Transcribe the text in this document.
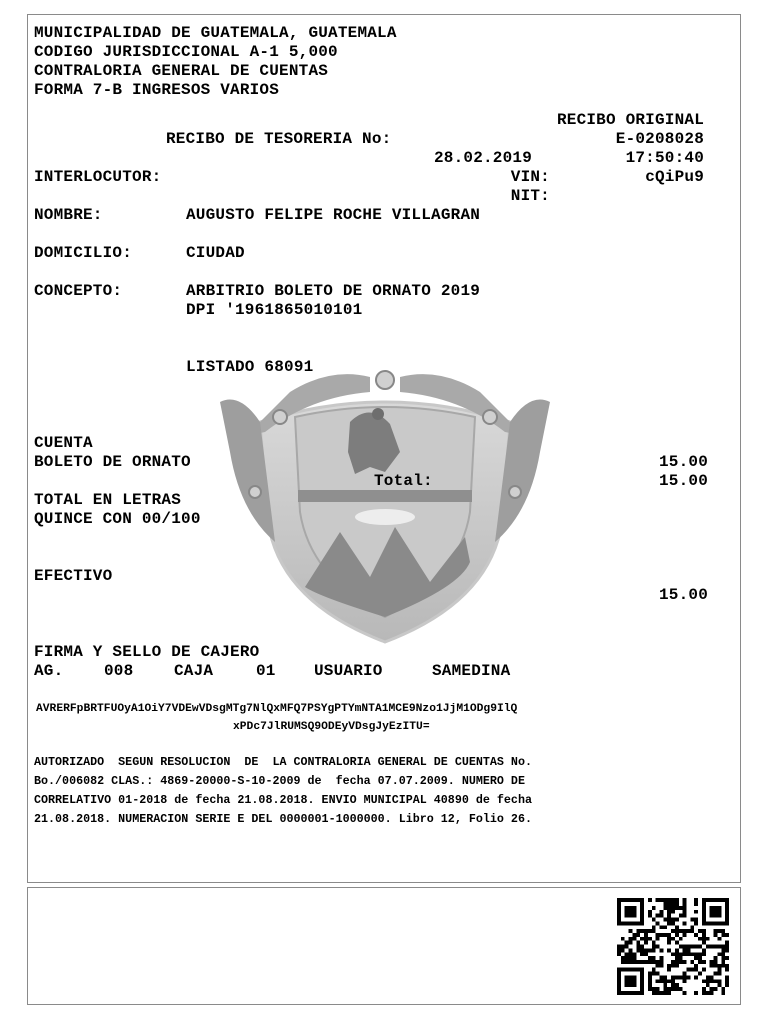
MUNICIPALIDAD DE GUATEMALA, GUATEMALA
CODIGO JURISDICCIONAL A-1 5,000
CONTRALORIA GENERAL DE CUENTAS
FORMA 7-B INGRESOS VARIOS
RECIBO ORIGINAL
RECIBO DE TESORERIA No:	E-0208028
28.02.2019	17:50:40
INTERLOCUTOR:	VIN:	cQiPu9
NIT:
NOMBRE:	AUGUSTO FELIPE ROCHE VILLAGRAN
DOMICILIO:	CIUDAD
CONCEPTO:	ARBITRIO BOLETO DE ORNATO 2019
DPI '1961865010101
LISTADO 68091
CUENTA
BOLETO DE ORNATO	15.00
Total:	15.00
TOTAL EN LETRAS
QUINCE CON 00/100
EFECTIVO
15.00
FIRMA Y SELLO DE CAJERO
AG.	008	CAJA	01 USUARIO	SAMEDINA
AVRERFpBRTFUOyA1OiY7VDEwVDsgMTg7NlQxMFQ7PSYgPTYmNTA1MCE9Nzo1JjM1ODg9IlQ
xPDc7JlRUMSQ9ODEyVDsgJyEzITU=
AUTORIZADO  SEGUN RESOLUCION  DE  LA CONTRALORIA GENERAL DE CUENTAS No.
Bo./006082 CLAS.: 4869-20000-S-10-2009 de  fecha 07.07.2009. NUMERO DE
CORRELATIVO 01-2018 de fecha 21.08.2018. ENVIO MUNICIPAL 40890 de fecha
21.08.2018. NUMERACION SERIE E DEL 0000001-1000000. Libro 12, Folio 26.
